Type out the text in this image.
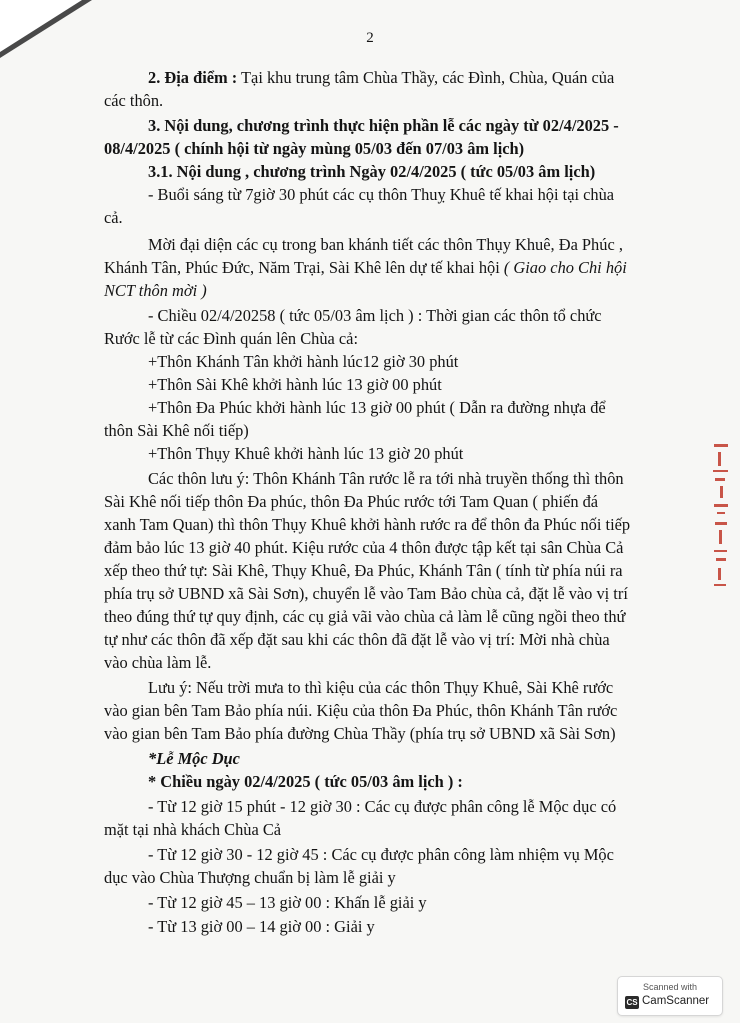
2
2. Địa điểm : Tại khu trung tâm Chùa Thầy, các Đình, Chùa, Quán của
các thôn.
3. Nội dung, chương trình thực hiện phần lễ các ngày từ 02/4/2025 -
08/4/2025 ( chính hội từ ngày mùng 05/03 đến 07/03 âm lịch)
3.1. Nội dung , chương trình Ngày 02/4/2025 ( tức 05/03 âm lịch)
- Buổi sáng từ 7giờ 30 phút các cụ thôn Thuỵ Khuê tế khai hội tại chùa
cả.
Mời đại diện các cụ trong ban khánh tiết các thôn Thụy Khuê, Đa Phúc ,
Khánh Tân, Phúc Đức, Năm Trại, Sài Khê lên dự tế khai hội ( Giao cho Chi hội
NCT thôn mời )
- Chiều 02/4/20258 ( tức 05/03 âm lịch ) : Thời gian các thôn tổ chức
Rước lễ từ các Đình quán lên Chùa cả:
+Thôn Khánh Tân khởi hành lúc12 giờ 30 phút
+Thôn Sài Khê khởi hành lúc 13 giờ 00 phút
+Thôn Đa Phúc khởi hành lúc 13 giờ 00 phút ( Dẫn ra đường nhựa để
thôn Sài Khê nối tiếp)
+Thôn Thụy Khuê khởi hành lúc 13 giờ 20 phút
Các thôn lưu ý: Thôn Khánh Tân rước lễ ra tới nhà truyền thống thì thôn
Sài Khê nối tiếp thôn Đa phúc, thôn Đa Phúc rước tới Tam Quan ( phiến đá
xanh Tam Quan) thì thôn Thụy Khuê khởi hành rước ra để thôn đa Phúc nối tiếp
đảm bảo lúc 13 giờ 40 phút. Kiệu rước của 4 thôn được tập kết tại sân Chùa Cả
xếp theo thứ tự: Sài Khê, Thụy Khuê, Đa Phúc, Khánh Tân ( tính từ phía núi ra
phía trụ sở UBND xã Sài Sơn), chuyển lễ vào Tam Bảo chùa cả, đặt lễ vào vị trí
theo đúng thứ tự quy định, các cụ giả vãi vào chùa cả làm lễ cũng ngồi theo thứ
tự như các thôn đã xếp đặt sau khi các thôn đã đặt lễ vào vị trí: Mời nhà chùa
vào chùa làm lễ.
Lưu ý: Nếu trời mưa to thì kiệu của các thôn Thụy Khuê, Sài Khê rước
vào gian bên Tam Bảo phía núi. Kiệu của thôn Đa Phúc, thôn Khánh Tân rước
vào gian bên Tam Bảo phía đường Chùa Thầy (phía trụ sở UBND xã Sài Sơn)
*Lễ Mộc Dục
* Chiều ngày 02/4/2025 ( tức 05/03 âm lịch ) :
- Từ 12 giờ 15 phút - 12 giờ 30 : Các cụ được phân công lễ Mộc dục có
mặt tại nhà khách Chùa Cả
- Từ 12 giờ 30 - 12 giờ 45 : Các cụ được phân công làm nhiệm vụ Mộc
dục vào Chùa Thượng chuẩn bị làm lễ giải y
- Từ 12 giờ 45 – 13 giờ 00 : Khấn lễ giải y
- Từ 13 giờ 00 – 14 giờ 00 : Giải y
Scanned with
CS CamScanner
